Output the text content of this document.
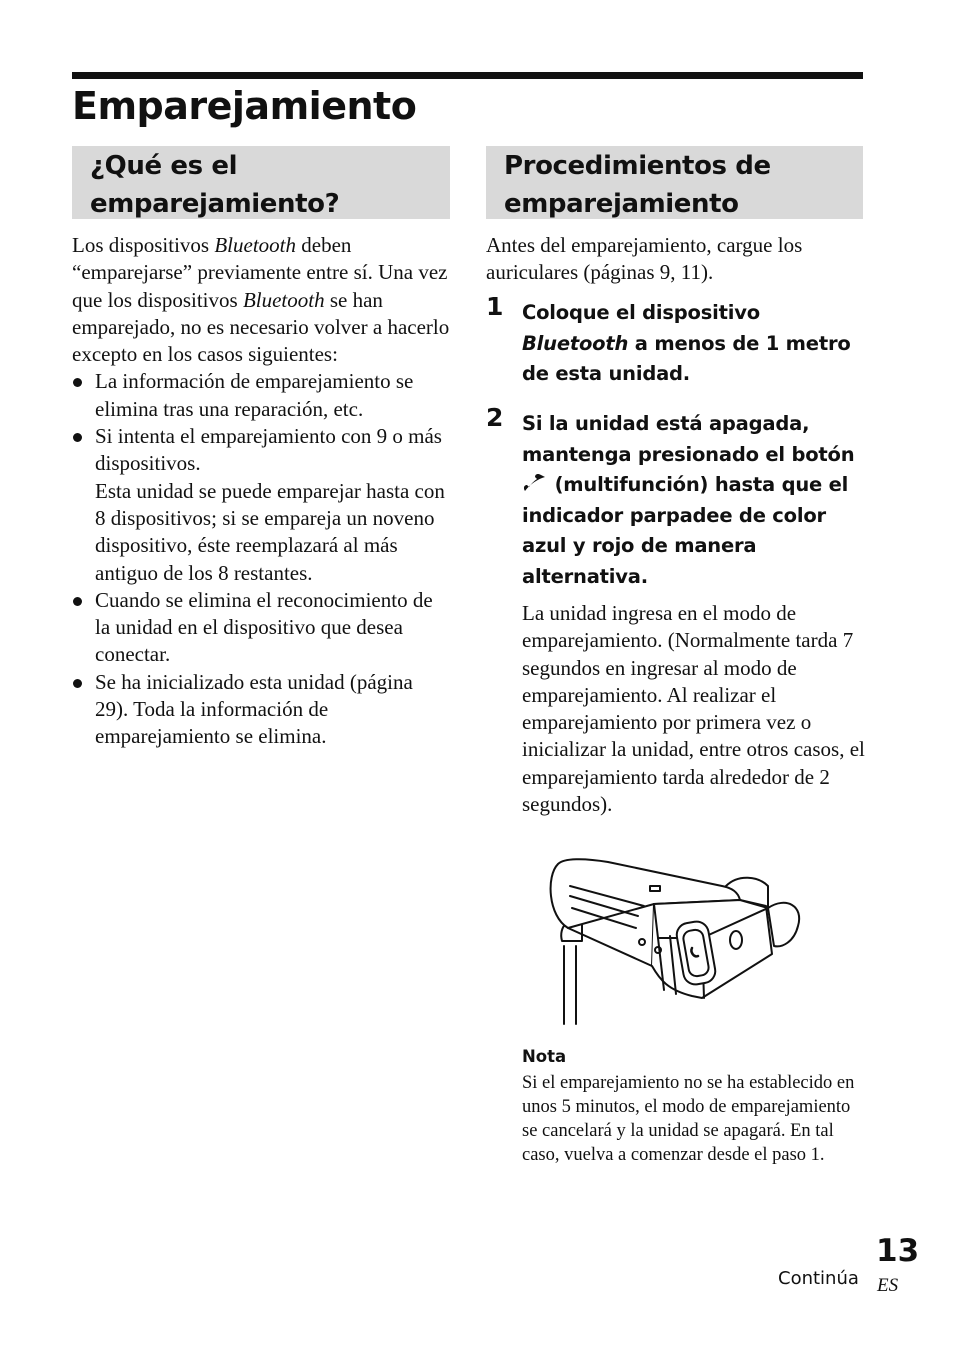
Emparejamiento
¿Qué es el
emparejamiento?

Los dispositivos Bluetooth deben “emparejarse” previamente entre sí. Una vez que los dispositivos Bluetooth se han emparejado, no es necesario volver a hacerlo excepto en los casos siguientes:

La información de emparejamiento se elimina tras una reparación, etc.
Si intenta el emparejamiento con 9 o más dispositivos.
Esta unidad se puede emparejar hasta con 8 dispositivos; si se empareja un noveno dispositivo, éste reemplazará al más antiguo de los 8 restantes.
Cuando se elimina el reconocimiento de la unidad en el dispositivo que desea conectar.
Se ha inicializado esta unidad (página 29). Toda la información de emparejamiento se elimina.
Procedimientos de
emparejamiento

Antes del emparejamiento, cargue los auriculares (páginas 9, 11).

1 Coloque el dispositivo Bluetooth a menos de 1 metro de esta unidad.
2 Si la unidad está apagada, mantenga presionado el botón  (multifunción) hasta que el indicador parpadee de color azul y rojo de manera alternativa.

La unidad ingresa en el modo de emparejamiento. (Normalmente tarda 7 segundos en ingresar al modo de emparejamiento. Al realizar el emparejamiento por primera vez o inicializar la unidad, entre otros casos, el emparejamiento tarda alrededor de 2 segundos).

Nota

Si el emparejamiento no se ha establecido en unos 5 minutos, el modo de emparejamiento se cancelará y la unidad se apagará. En tal caso, vuelva a comenzar desde el paso 1.

Continúa
13
ES
